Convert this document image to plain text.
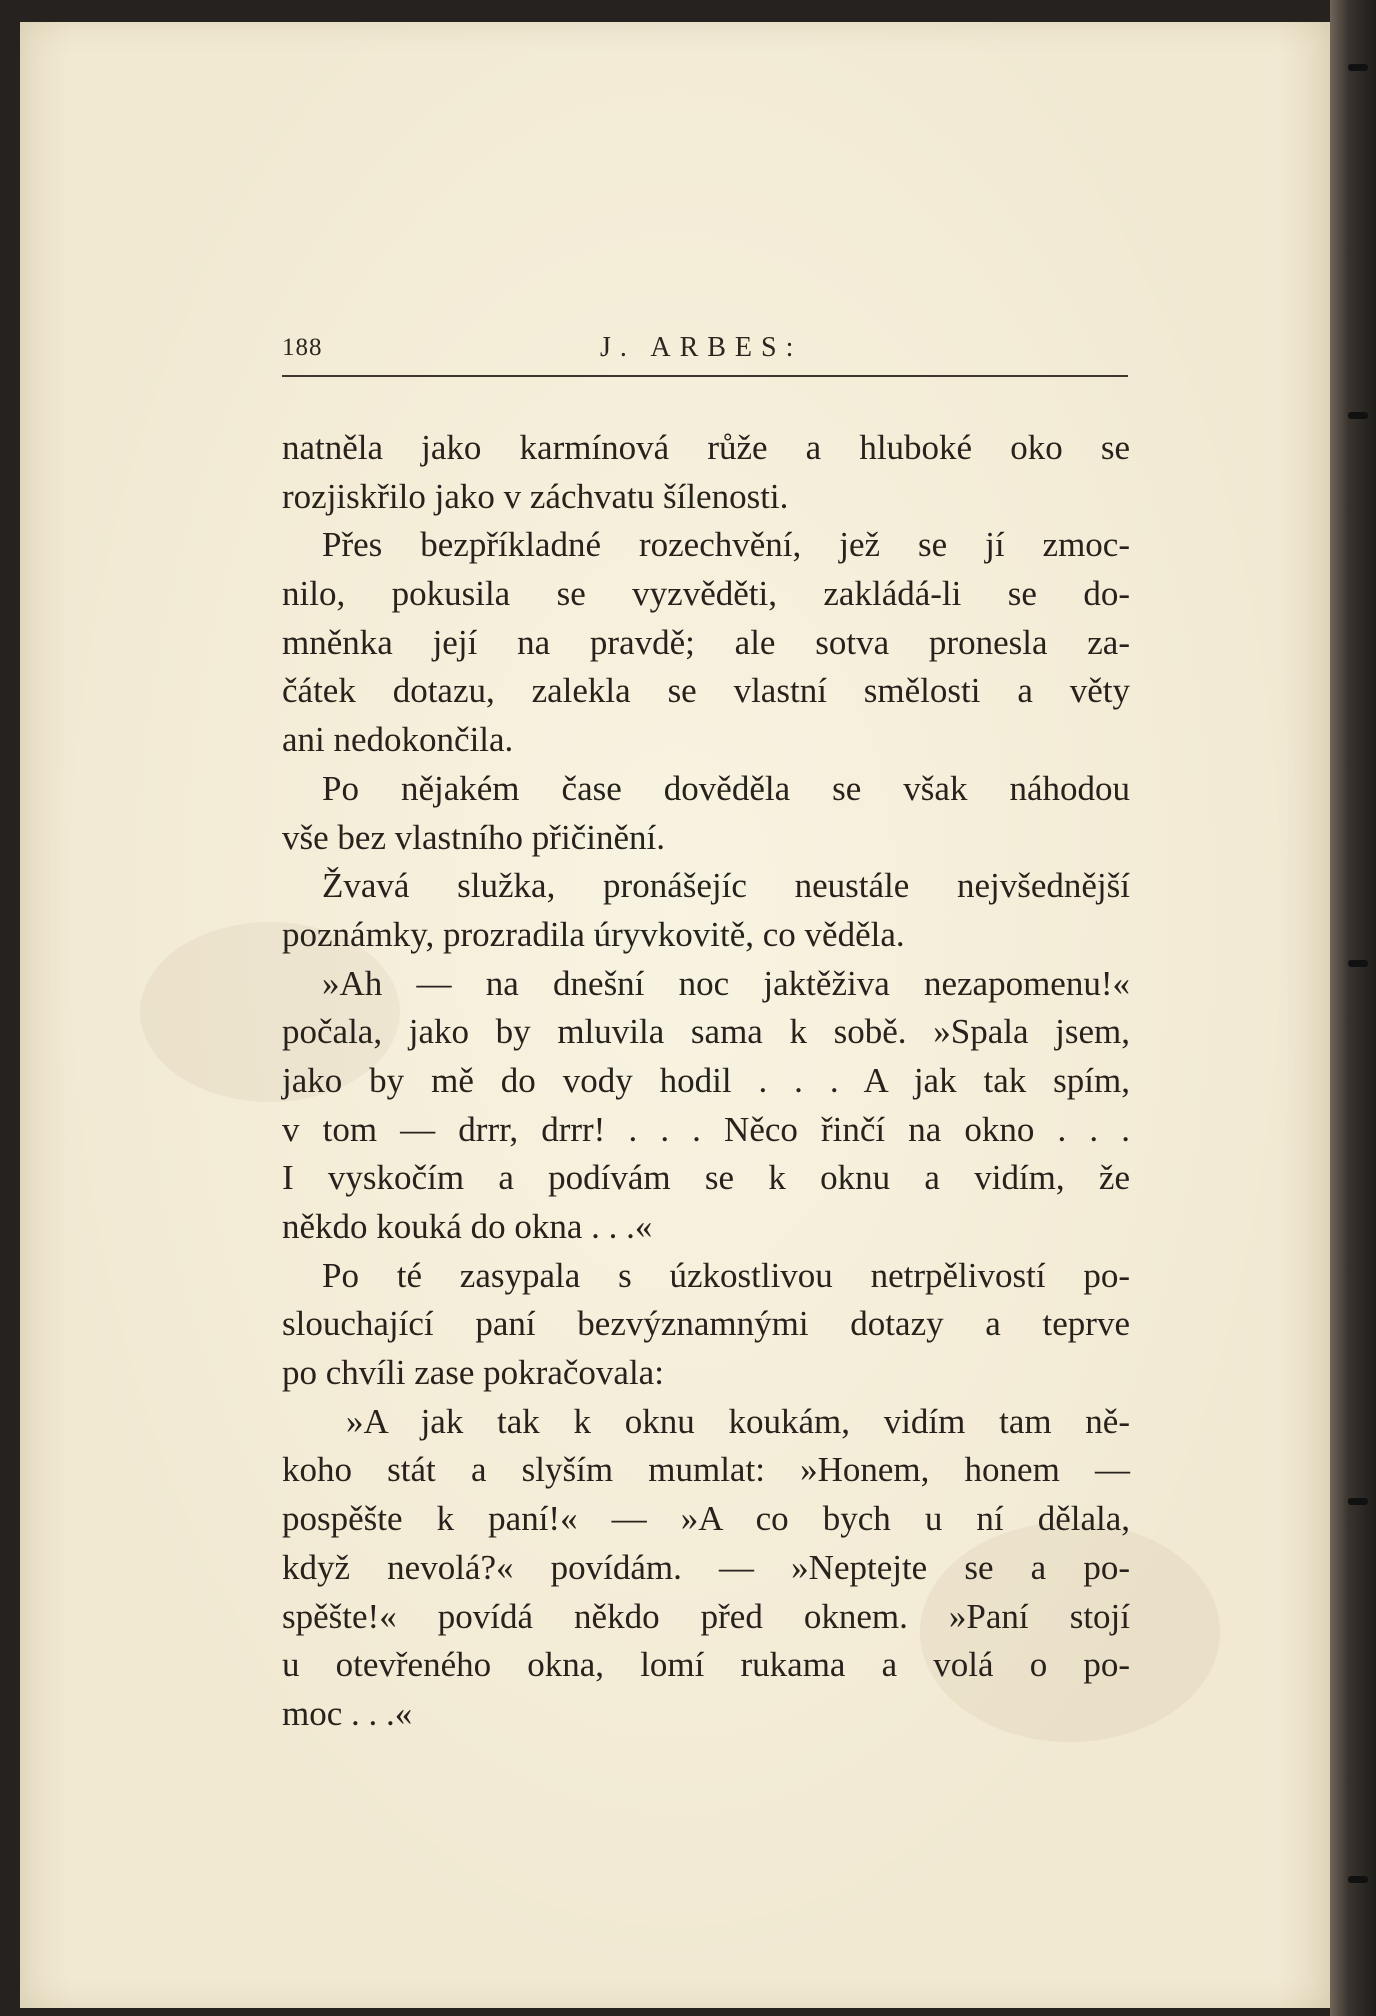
188	J. ARBES:
natněla jako karmínová růže a hluboké oko se
rozjiskřilo jako v záchvatu šílenosti.
Přes bezpříkladné rozechvění, jež se jí zmoc-
nilo, pokusila se vyzvěděti, zakládá-li se do-
mněnka její na pravdě; ale sotva pronesla za-
čátek dotazu, zalekla se vlastní smělosti a věty
ani nedokončila.
Po nějakém čase dověděla se však náhodou
vše bez vlastního přičinění.
Žvavá služka, pronášejíc neustále nejvšednější
poznámky, prozradila úryvkovitě, co věděla.
»Ah — na dnešní noc jaktěživa nezapomenu!«
počala, jako by mluvila sama k sobě. »Spala jsem,
jako by mě do vody hodil . . . A jak tak spím,
v tom — drrr, drrr! . . . Něco řinčí na okno . . .
I vyskočím a podívám se k oknu a vidím, že
někdo kouká do okna . . .«
Po té zasypala s úzkostlivou netrpělivostí po-
slouchající paní bezvýznamnými dotazy a teprve
po chvíli zase pokračovala:
»A jak tak k oknu koukám, vidím tam ně-
koho stát a slyším mumlat: »Honem, honem —
pospěšte k paní!« — »A co bych u ní dělala,
když nevolá?« povídám. — »Neptejte se a po-
spěšte!« povídá někdo před oknem. »Paní stojí
u otevřeného okna, lomí rukama a volá o po-
moc . . .«
